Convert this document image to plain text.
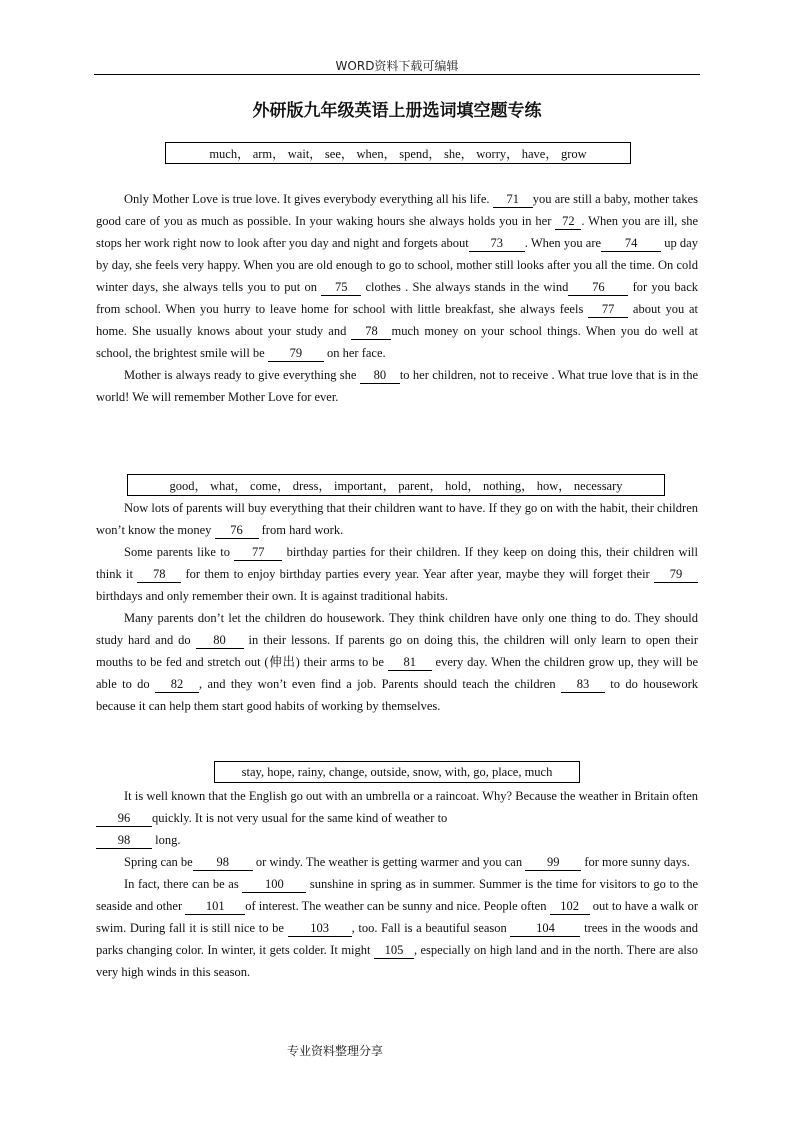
WORD资料下载可编辑
外研版九年级英语上册选词填空题专练
much， arm， wait， see， when， spend， she， worry， have， grow

Only Mother Love is true love. It gives everybody everything all his life. 71 you are still a baby, mother takes good care of you as much as possible. In your waking hours she always holds you in her 72 . When you are ill, she stops her work right now to look after you day and night and forgets about 73 . When you are 74 up day by day, she feels very happy. When you are old enough to go to school, mother still looks after you all the time. On cold winter days, she always tells you to put on 75 clothes . She always stands in the wind 76 for you back from school. When you hurry to leave home for school with little breakfast, she always feels 77 about you at home. She usually knows about your study and 78 much money on your school things. When you do well at school, the brightest smile will be 79 on her face.

Mother is always ready to give everything she 80 to her children, not to receive . What true love that is in the world! We will remember Mother Love for ever.

good， what， come， dress， important， parent， hold， nothing， how， necessary

Now lots of parents will buy everything that their children want to have. If they go on with the habit, their children won’t know the money 76 from hard work.

Some parents like to 77 birthday parties for their children. If they keep on doing this, their children will think it 78 for them to enjoy birthday parties every year. Year after year, maybe they will forget their 79 birthdays and only remember their own. It is against traditional habits.

Many parents don’t let the children do housework. They think children have only one thing to do. They should study hard and do 80 in their lessons. If parents go on doing this, the children will only learn to open their mouths to be fed and stretch out (伸出) their arms to be 81 every day. When the children grow up, they will be able to do 82 , and they won’t even find a job. Parents should teach the children 83 to do housework because it can help them start good habits of working by themselves.

stay, hope, rainy, change, outside, snow, with, go, place, much

It is well known that the English go out with an umbrella or a raincoat. Why? Because the weather in Britain often 96 quickly. It is not very usual for the same kind of weather to

98 long.

Spring can be 98 or windy. The weather is getting warmer and you can 99 for more sunny days.

In fact, there can be as 100 sunshine in spring as in summer. Summer is the time for visitors to go to the seaside and other 101 of interest. The weather can be sunny and nice. People often 102 out to have a walk or swim. During fall it is still nice to be 103 , too. Fall is a beautiful season 104 trees in the woods and parks changing color. In winter, it gets colder. It might 105 , especially on high land and in the north. There are also very high winds in this season.

专业资料整理分享
